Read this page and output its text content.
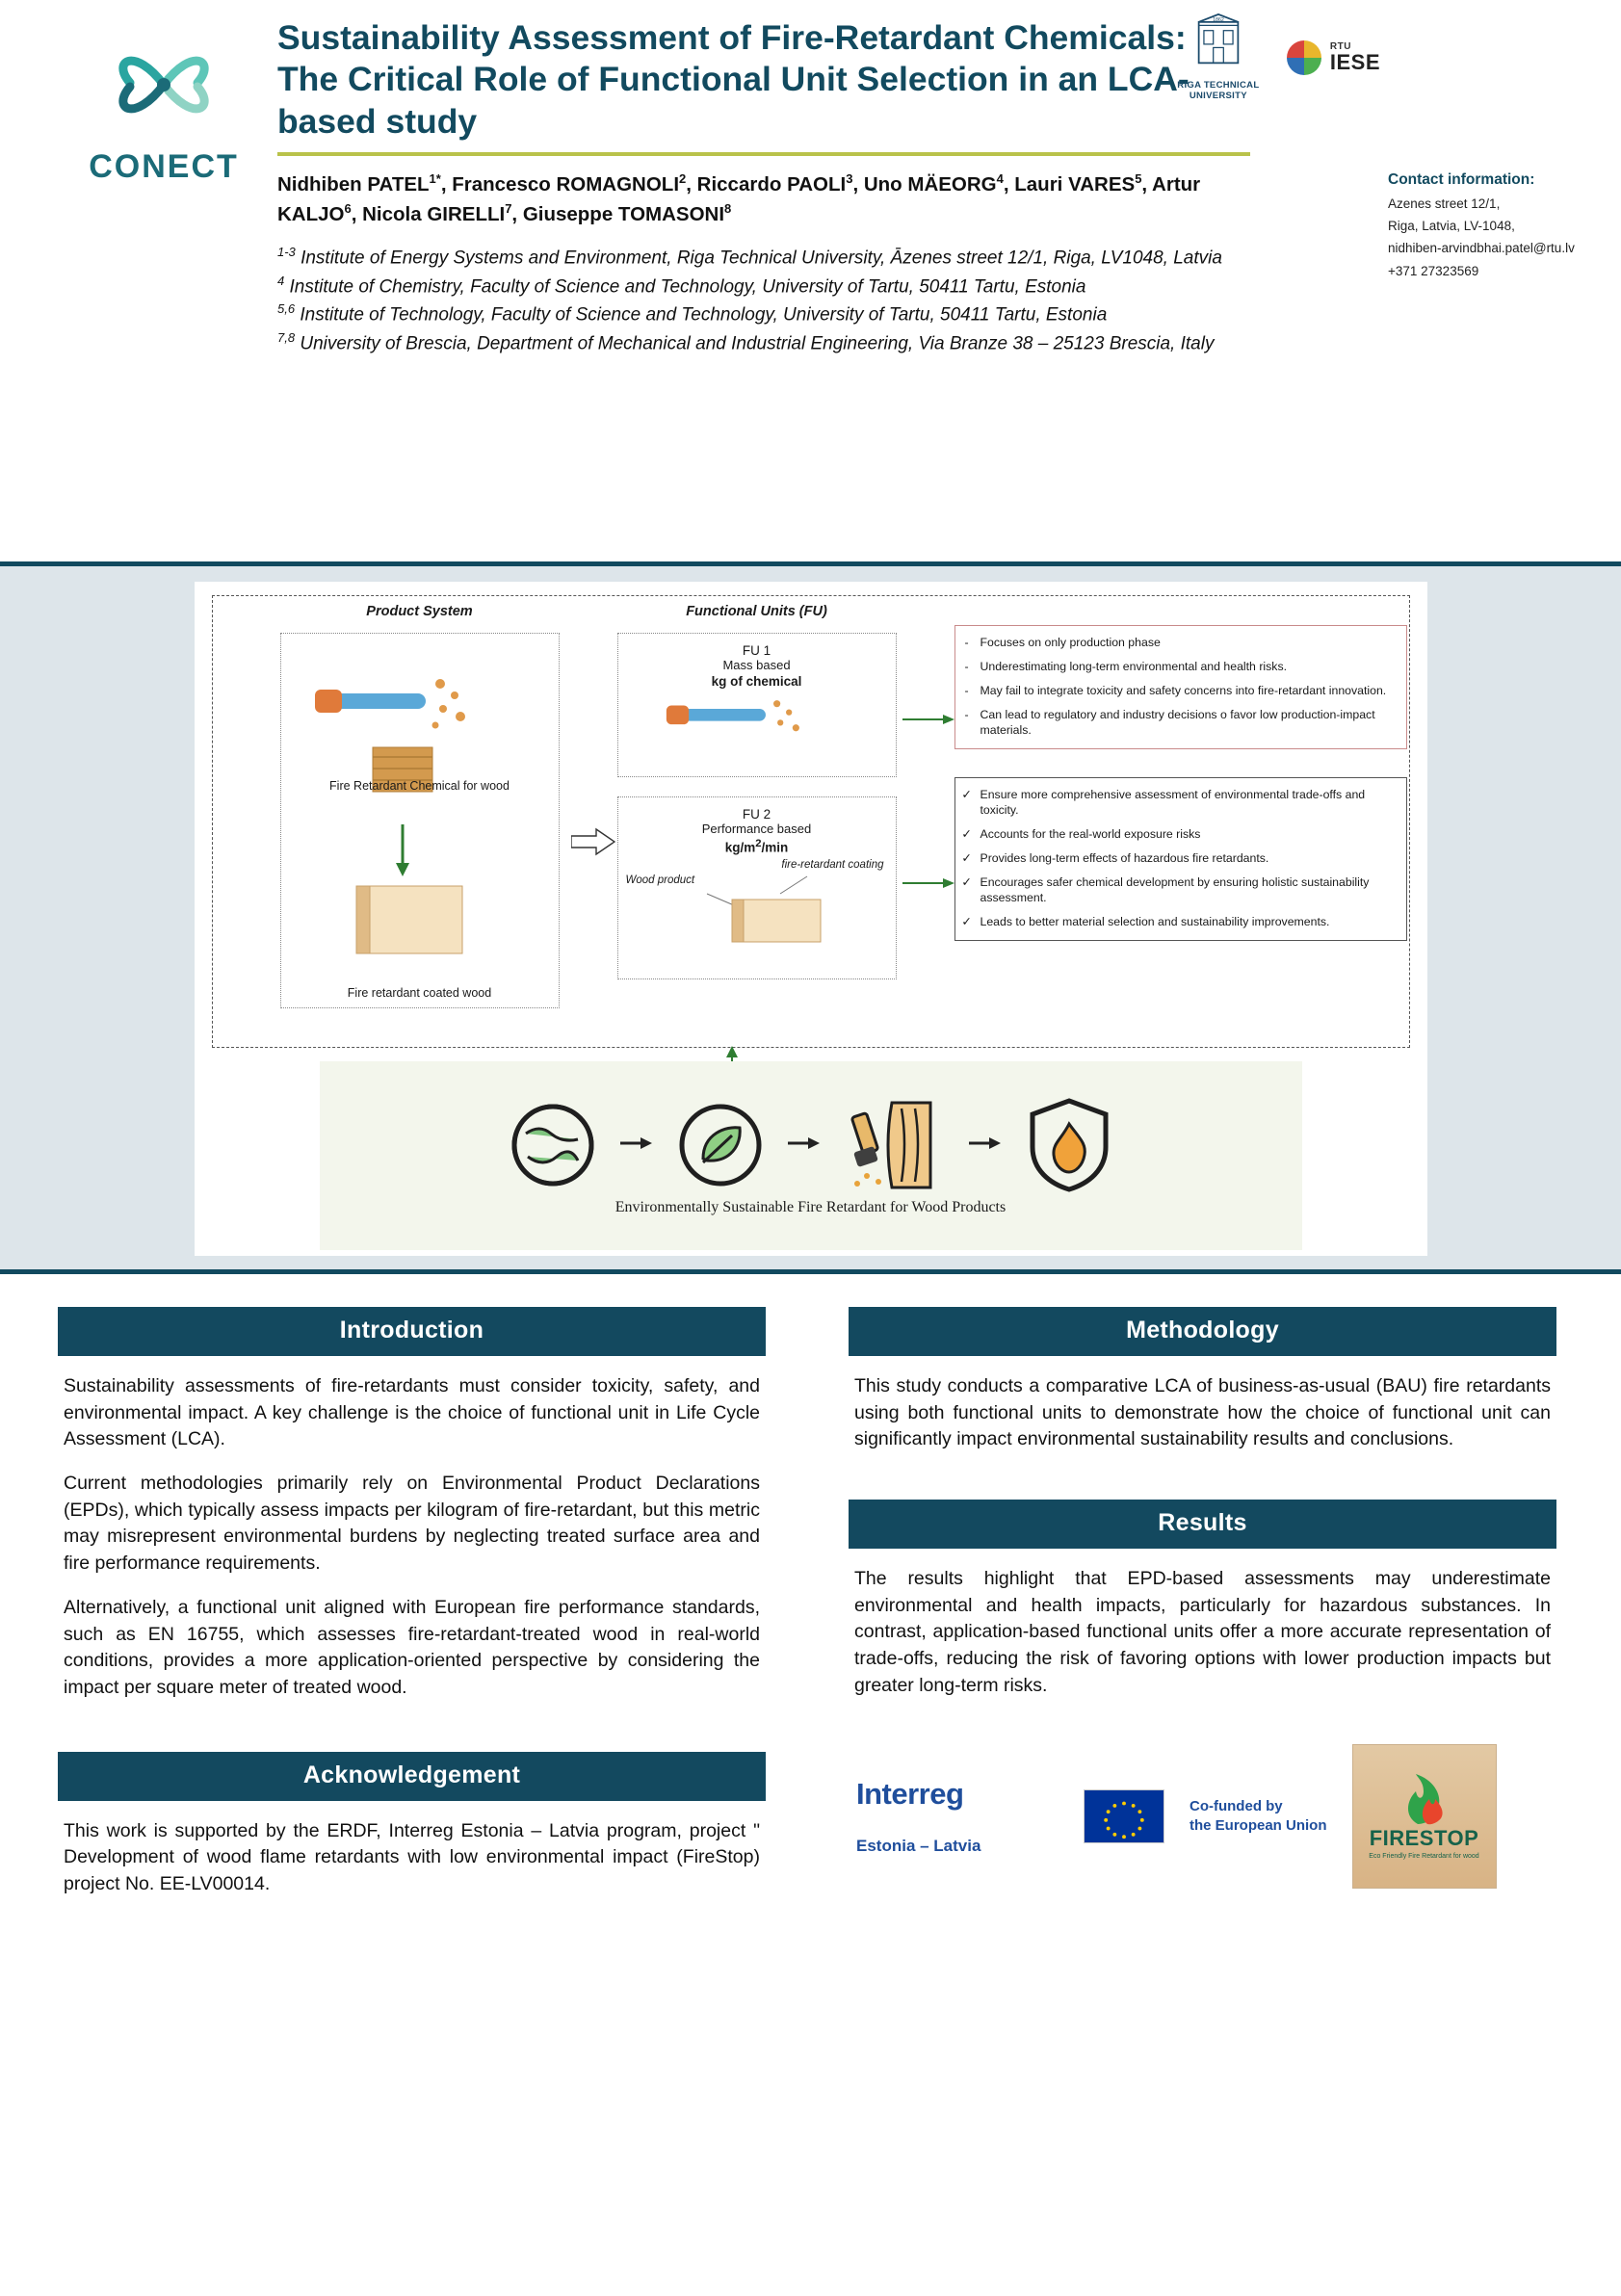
CONECT
Sustainability Assessment of Fire-Retardant Chemicals: The Critical Role of Functional Unit Selection in an LCA-based study
Nidhiben $PATEL^{1*}$, Francesco ROMAGNOLI$^2$, Riccardo PAOLI$^3$, Uno MÄEORG$^4$, Lauri VARES$^5$, Artur KALJO$^6$, Nicola GIRELLI$^7$, Giuseppe TOMASONI$^8$
$^{1-3}$ Institute of Energy Systems and Environment, Riga Technical University, Āzenes street 12/1, Riga, LV1048, Latvia
$^4$ Institute of Chemistry, Faculty of Science and Technology, University of Tartu, 50411 Tartu, Estonia
$^{5,6}$ Institute of Technology, Faculty of Science and Technology, University of Tartu, 50411 Tartu, Estonia
$^{7,8}$ University of Brescia, Department of Mechanical and Industrial Engineering, Via Branze 38 – 25123 Brescia, Italy
1862
RIGA TECHNICAL UNIVERSITY
RTU
IESE
Contact information:

Azenes street 12/1,

Riga, Latvia, LV-1048,

nidhiben-arvindbhai.patel@rtu.lv

+371 27323569

Product System
Fire Retardant Chemical for wood
Fire retardant coated wood
Functional Units (FU)
FU 1
Mass based
kg of chemical
FU 2
Performance based
$kg/m^2/\min$
Wood product
fire-retardant coating
- Focuses on only production phase
- Underestimating long-term environmental and health risks.
- May fail to integrate toxicity and safety concerns into fire-retardant innovation.
- Can lead to regulatory and industry decisions o favor low production-impact materials.
✓ Ensure more comprehensive assessment of environmental trade-offs and toxicity.
✓ Accounts for the real-world exposure risks
✓ Provides long-term effects of hazardous fire retardants.
✓ Encourages safer chemical development by ensuring holistic sustainability assessment.
✓ Leads to better material selection and sustainability improvements.
Environmentally Sustainable Fire Retardant for Wood Products
Introduction

Sustainability assessments of fire-retardants must consider toxicity, safety, and environmental impact. A key challenge is the choice of functional unit in Life Cycle Assessment (LCA).

Current methodologies primarily rely on Environmental Product Declarations (EPDs), which typically assess impacts per kilogram of fire-retardant, but this metric may misrepresent environmental burdens by neglecting treated surface area and fire performance requirements.

Alternatively, a functional unit aligned with European fire performance standards, such as EN 16755, which assesses fire-retardant-treated wood in real-world conditions, provides a more application-oriented perspective by considering the impact per square meter of treated wood.

Acknowledgement

This work is supported by the ERDF, Interreg Estonia – Latvia program, project " Development of wood flame retardants with low environmental impact (FireStop) project No. EE-LV00014.

Methodology

This study conducts a comparative LCA of business-as-usual (BAU) fire retardants using both functional units to demonstrate how the choice of functional unit can significantly impact environmental sustainability results and conclusions.

Results

The results highlight that EPD-based assessments may underestimate environmental and health impacts, particularly for hazardous substances. In contrast, application-based functional units offer a more accurate representation of trade-offs, reducing the risk of favoring options with lower production impacts but greater long-term risks.

Interreg
Estonia – Latvia
Co-funded by
the European Union
FIRESTOP
Eco Friendly Fire Retardant for wood
